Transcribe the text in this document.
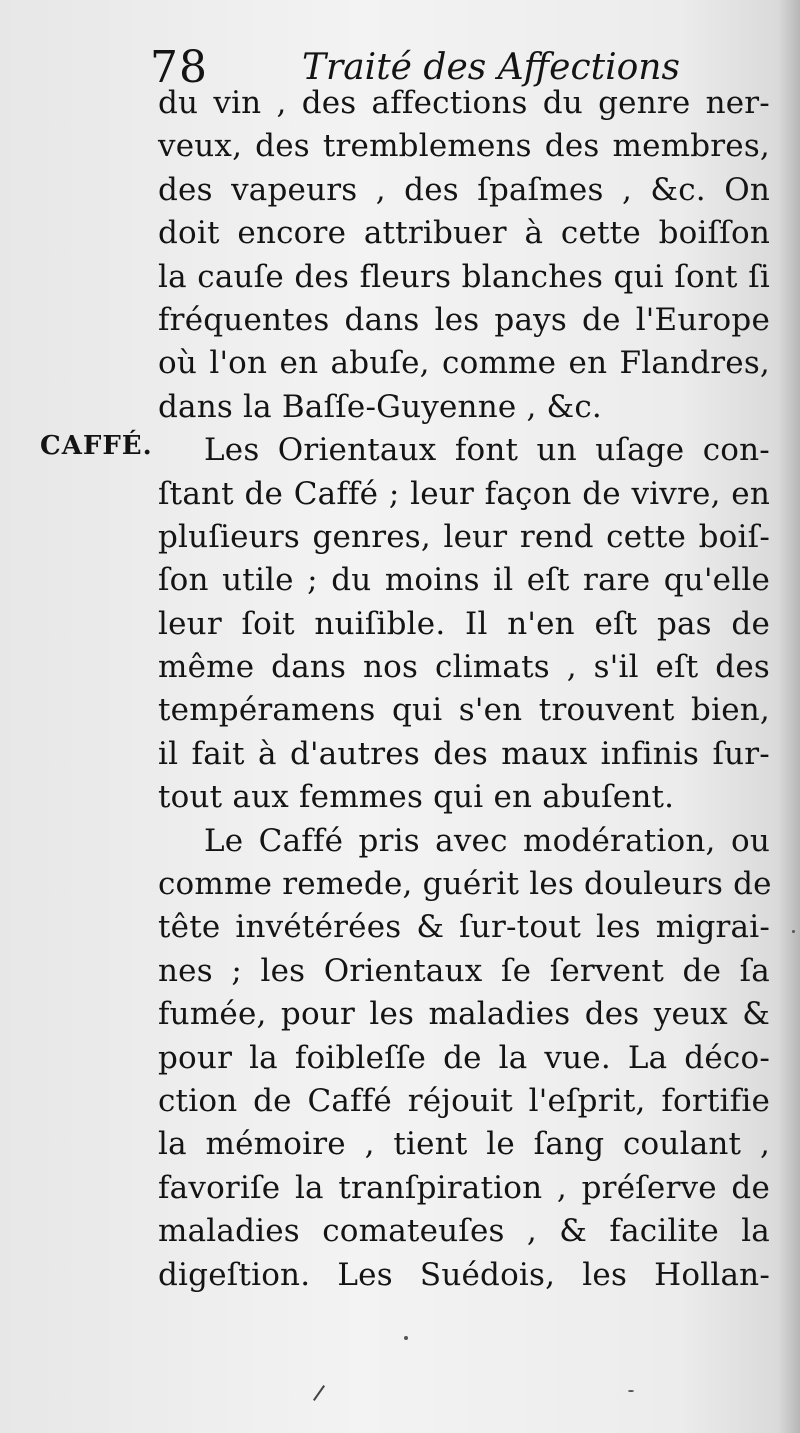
78	Traité des Affections
CAFFÉ.
du vin , des affections du genre ner-
veux, des tremblemens des membres,
des vapeurs , des ſpaſmes , &c. On
doit encore attribuer à cette boiſſon
la cauſe des fleurs blanches qui ſont ſi
fréquentes dans les pays de l'Europe
où l'on en abuſe, comme en Flandres,
dans la Baſſe-Guyenne , &c.
Les Orientaux font un uſage con-
ſtant de Caffé ; leur façon de vivre, en
pluſieurs genres, leur rend cette boiſ-
ſon utile ; du moins il eſt rare qu'elle
leur ſoit nuiſible. Il n'en eſt pas de
même dans nos climats , s'il eſt des
tempéramens qui s'en trouvent bien,
il fait à d'autres des maux infinis ſur-
tout aux femmes qui en abuſent.
Le Caffé pris avec modération, ou
comme remede, guérit les douleurs de
tête invétérées & ſur-tout les migrai-
nes ; les Orientaux ſe ſervent de ſa
fumée, pour les maladies des yeux &
pour la foibleſſe de la vue. La déco-
ction de Caffé réjouit l'eſprit, fortifie
la mémoire , tient le ſang coulant ,
favoriſe la tranſpiration , préſerve de
maladies comateuſes , & facilite la
digeſtion. Les Suédois, les Hollan-
